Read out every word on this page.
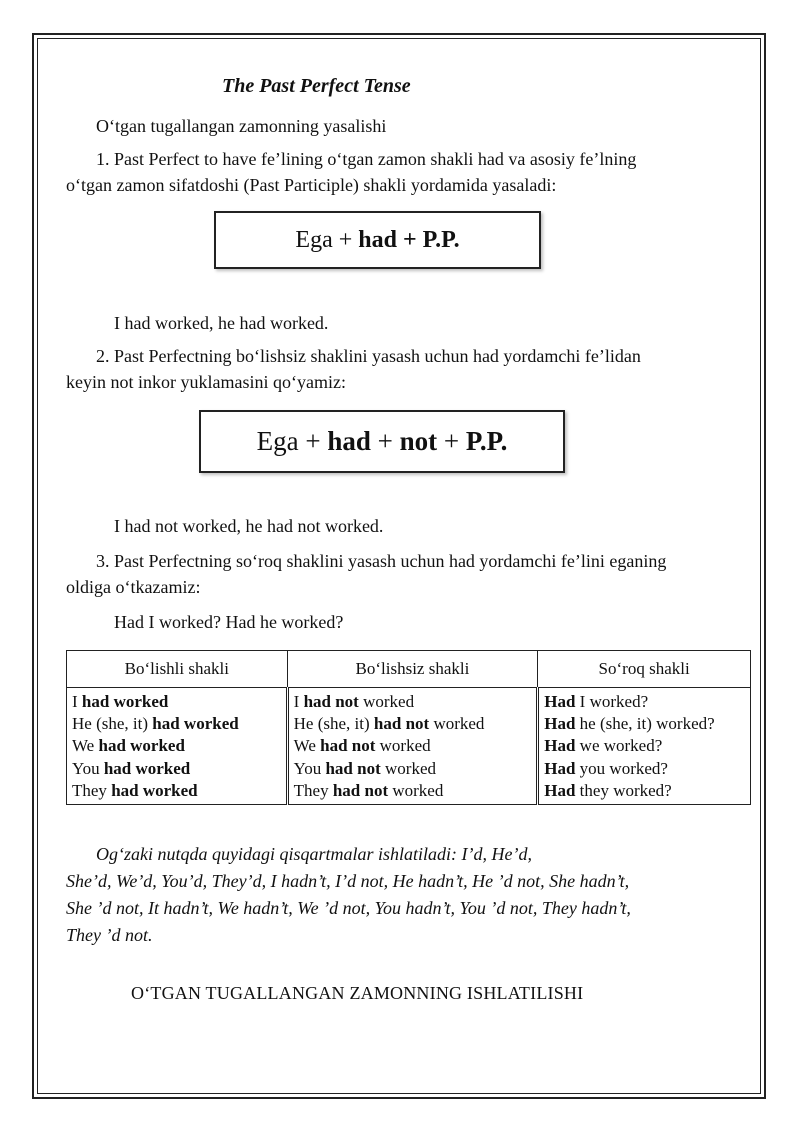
The Past Perfect Tense
O‘tgan tugallangan zamonning yasalishi
1. Past Perfect to have fe’lining o‘tgan zamon shakli had va asosiy fe’lning
o‘tgan zamon sifatdoshi (Past Participle) shakli yordamida yasaladi:
Ega + had + P.P.
I had worked, he had worked.
2. Past Perfectning bo‘lishsiz shaklini yasash uchun had yordamchi fe’lidan
keyin not inkor yuklamasini qo‘yamiz:
Ega + had + not + P.P.
I had not worked, he had not worked.
3. Past Perfectning so‘roq shaklini yasash uchun had yordamchi fe’lini eganing
oldiga o‘tkazamiz:
Had I worked? Had he worked?
Bo‘lishli shakli	Bo‘lishsiz shakli	So‘roq shakli

I had worked
He (she, it) had worked
We had worked
You had worked
They had worked	I had not worked
He (she, it) had not worked
We had not worked
You had not worked
They had not worked	Had I worked?
Had he (she, it) worked?
Had we worked?
Had you worked?
Had they worked?
Og‘zaki nutqda quyidagi qisqartmalar ishlatiladi: I’d, He’d,
She’d, We’d, You’d, They’d, I hadn’t, I’d not, He hadn’t, He ’d not, She hadn’t,
She ’d not, It hadn’t, We hadn’t, We ’d not, You hadn’t, You ’d not, They hadn’t,
They ’d not.
O‘TGAN TUGALLANGAN ZAMONNING ISHLATILISHI
